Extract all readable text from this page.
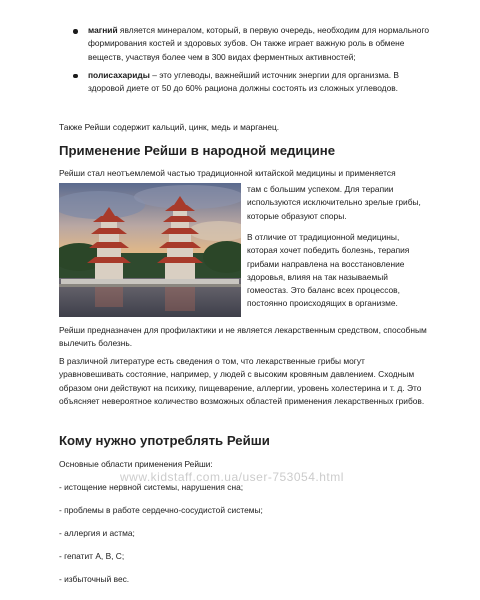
магний является минералом, который, в первую очередь, необходим для нормального формирования костей и здоровых зубов. Он также играет важную роль в обмене веществ, участвуя более чем в 300 видах ферментных активностей;
полисахариды – это углеводы, важнейший источник энергии для организма. В здоровой диете от 50 до 60% рациона должны состоять из сложных углеводов.

Также Рейши содержит кальций, цинк, медь и марганец.

Применение Рейши в народной медицине

Рейши стал неотъемлемой частью традиционной китайской медицины и применяется

там с большим успехом. Для терапии используются исключительно зрелые грибы, которые образуют споры.

В отличие от традиционной медицины, которая хочет победить болезнь, терапия грибами направлена на восстановление здоровья, влияя на так называемый гомеостаз. Это баланс всех процессов, постоянно происходящих в организме.

Рейши предназначен для профилактики и не является лекарственным средством, способным вылечить болезнь.

В различной литературе есть сведения о том, что лекарственные грибы могут уравновешивать состояние, например, у людей с высоким кровяным давлением. Сходным образом они действуют на психику, пищеварение, аллергии, уровень холестерина и т. д. Это объясняет невероятное количество возможных областей применения лекарственных грибов.

Кому нужно употреблять Рейши

Основные области применения Рейши:

- истощение нервной системы, нарушения сна;

- проблемы в работе сердечно-сосудистой системы;

- аллергия и астма;

- гепатит А, В, С;

- избыточный вес.

www.kidstaff.com.ua/user-753054.html
